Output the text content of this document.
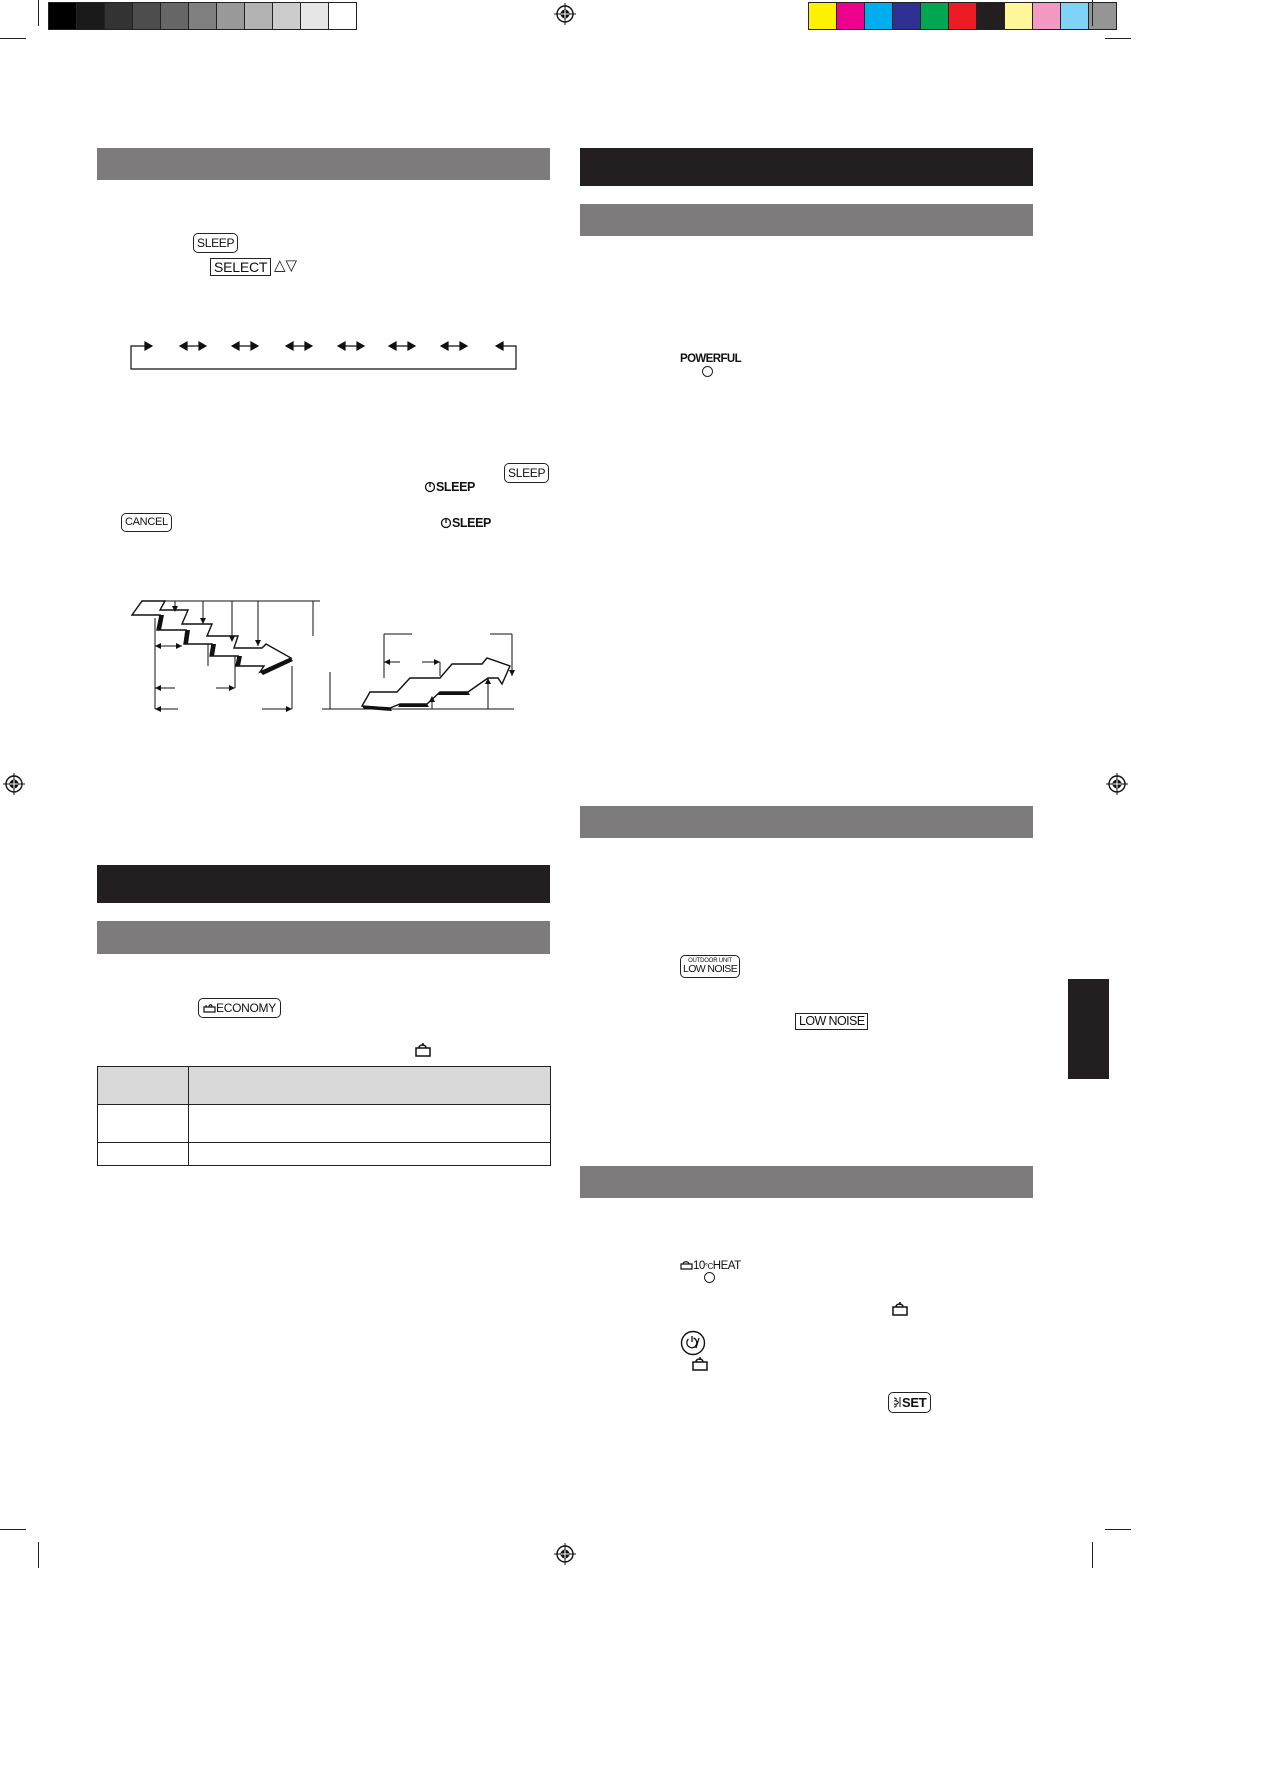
SLEEP
SELECT △▽
SLEEP
SLEEP
CANCEL	SLEEP
ECONOMY

POWERFUL
OUTDOOR UNIT
LOW NOISE
LOW NOISE
10°CHEAT
SET
